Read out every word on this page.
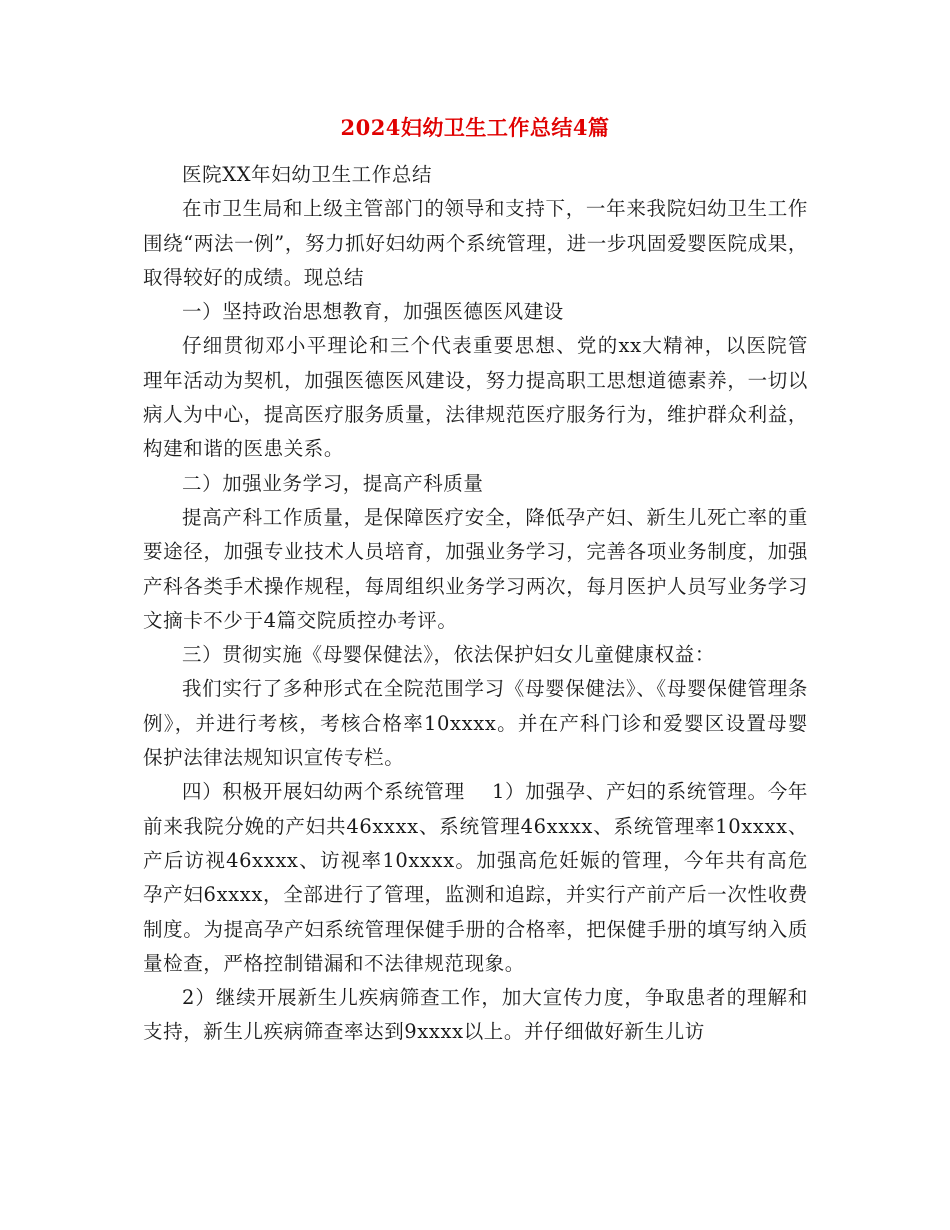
2024妇幼卫生工作总结4篇

医院XX年妇幼卫生工作总结

在市卫生局和上级主管部门的领导和支持下，一年来我院妇幼卫生工作围绕“两法一例”，努力抓好妇幼两个系统管理，进一步巩固爱婴医院成果，取得较好的成绩。现总结

一）坚持政治思想教育，加强医德医风建设

仔细贯彻邓小平理论和三个代表重要思想、党的xx大精神，以医院管理年活动为契机，加强医德医风建设，努力提高职工思想道德素养，一切以病人为中心，提高医疗服务质量，法律规范医疗服务行为，维护群众利益，构建和谐的医患关系。

二）加强业务学习，提高产科质量

提高产科工作质量，是保障医疗安全，降低孕产妇、新生儿死亡率的重要途径，加强专业技术人员培育，加强业务学习，完善各项业务制度，加强产科各类手术操作规程，每周组织业务学习两次，每月医护人员写业务学习文摘卡不少于4篇交院质控办考评。

三）贯彻实施《母婴保健法》，依法保护妇女儿童健康权益：

我们实行了多种形式在全院范围学习《母婴保健法》、《母婴保健管理条例》，并进行考核，考核合格率10xxxx。并在产科门诊和爱婴区设置母婴保护法律法规知识宣传专栏。

四）积极开展妇幼两个系统管理　 1）加强孕、产妇的系统管理。今年前来我院分娩的产妇共46xxxx、系统管理46xxxx、系统管理率10xxxx、产后访视46xxxx、访视率10xxxx。加强高危妊娠的管理，今年共有高危孕产妇6xxxx，全部进行了管理，监测和追踪，并实行产前产后一次性收费制度。为提高孕产妇系统管理保健手册的合格率，把保健手册的填写纳入质量检查，严格控制错漏和不法律规范现象。

2）继续开展新生儿疾病筛查工作，加大宣传力度，争取患者的理解和支持，新生儿疾病筛查率达到9xxxx以上。并仔细做好新生儿访
